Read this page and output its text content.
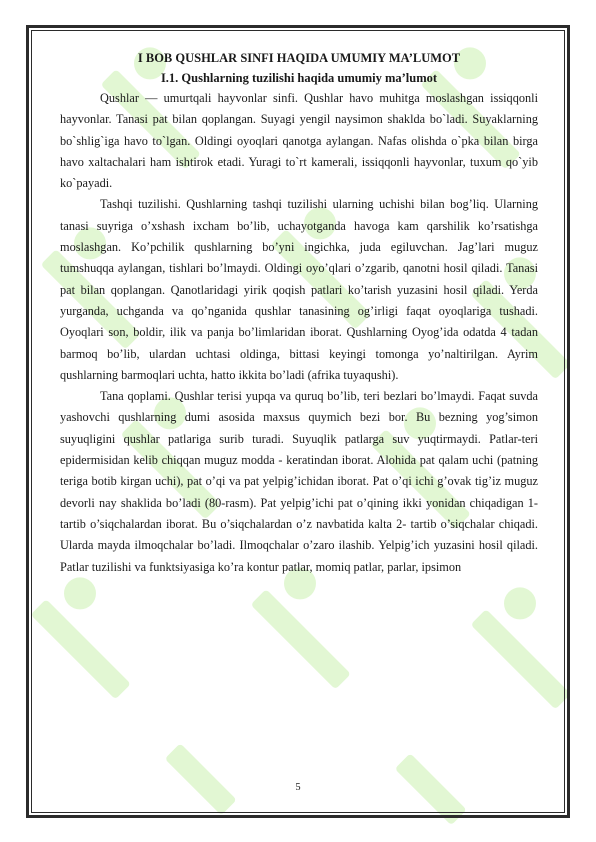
I BOB QUSHLAR SINFI HAQIDA UMUMIY MA’LUMOT

I.1. Qushlarning tuzilishi haqida umumiy ma’lumot

Qushlar — umurtqali hayvonlar sinfi. Qushlar havo muhitga moslashgan issiqqonli hayvonlar. Tanasi pat bilan qoplangan. Suyagi yengil naysimon shaklda bo`ladi. Suyaklarning bo`shlig`iga havo to`lgan. Oldingi oyoqlari qanotga aylangan. Nafas olishda o`pka bilan birga havo xaltachalari ham ishtirok etadi. Yuragi to`rt kamerali, issiqqonli hayvonlar, tuxum qo`yib ko`payadi.

Tashqi tuzilishi. Qushlarning tashqi tuzilishi ularning uchishi bilan bog’liq. Ularning tanasi suyriga o’xshash ixcham bo’lib, uchayotganda havoga kam qarshilik ko’rsatishga moslashgan. Ko’pchilik qushlarning bo’yni ingichka, juda egiluvchan. Jag’lari muguz tumshuqqa aylangan, tishlari bo’lmaydi. Oldingi oyo’qlari o’zgarib, qanotni hosil qiladi. Tanasi pat bilan qoplangan. Qanotlaridagi yirik qoqish patlari ko’tarish yuzasini hosil qiladi. Yerda yurganda, uchganda va qo’nganida qushlar tanasining og’irligi faqat oyoqlariga tushadi. Oyoqlari son, boldir, ilik va panja bo’limlaridan iborat. Qushlarning Oyog’ida odatda 4 tadan barmoq bo’lib, ulardan uchtasi oldinga, bittasi keyingi tomonga yo’naltirilgan. Ayrim qushlarning barmoqlari uchta, hatto ikkita bo’ladi (afrika tuyaqushi).

Tana qoplami. Qushlar terisi yupqa va quruq bo’lib, teri bezlari bo’lmaydi. Faqat suvda yashovchi qushlarning dumi asosida maxsus quymich bezi bor. Bu bezning yog’simon suyuqligini qushlar patlariga surib turadi. Suyuqlik patlarga suv yuqtirmaydi. Patlar-teri epidermisidan kelib chiqqan muguz modda - keratindan iborat. Alohida pat qalam uchi (patning teriga botib kirgan uchi), pat o’qi va pat yelpig’ichidan iborat. Pat o’qi ichi g’ovak tig’iz muguz devorli nay shaklida bo’ladi (80-rasm). Pat yelpig’ichi pat o’qining ikki yonidan chiqadigan 1- tartib o’siqchalardan iborat. Bu o’siqchalardan o’z navbatida kalta 2- tartib o’siqchalar chiqadi. Ularda mayda ilmoqchalar bo’ladi. Ilmoqchalar o’zaro ilashib. Yelpig’ich yuzasini hosil qiladi. Patlar tuzilishi va funktsiyasiga ko’ra kontur patlar, momiq patlar, parlar, ipsimon

5
